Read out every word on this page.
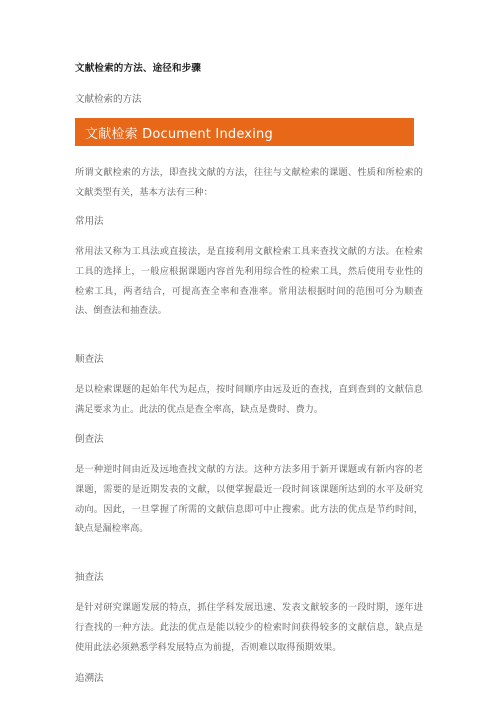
文献检索的方法、途径和步骤
文献检索的方法
文献检索 Document Indexing

所谓文献检索的方法，即查找文献的方法，往往与文献检索的课题、性质和所检索的文献类型有关，基本方法有三种：

常用法

常用法又称为工具法或直接法，是直接利用文献检索工具来查找文献的方法。在检索工具的选择上，一般应根据课题内容首先利用综合性的检索工具，然后使用专业性的检索工具，两者结合，可提高查全率和查准率。常用法根据时间的范围可分为顺查法、倒查法和抽查法。

顺查法

是以检索课题的起始年代为起点，按时间顺序由远及近的查找，直到查到的文献信息满足要求为止。此法的优点是查全率高，缺点是费时、费力。

倒查法

是一种逆时间由近及远地查找文献的方法。这种方法多用于新开课题或有新内容的老课题，需要的是近期发表的文献，以便掌握最近一段时间该课题所达到的水平及研究动向。因此，一旦掌握了所需的文献信息即可中止搜索。此方法的优点是节约时间，缺点是漏检率高。

抽查法

是针对研究课题发展的特点，抓住学科发展迅速、发表文献较多的一段时期，逐年进行查找的一种方法。此法的优点是能以较少的检索时间获得较多的文献信息，缺点是使用此法必须熟悉学科发展特点为前提，否则难以取得预期效果。

追溯法
